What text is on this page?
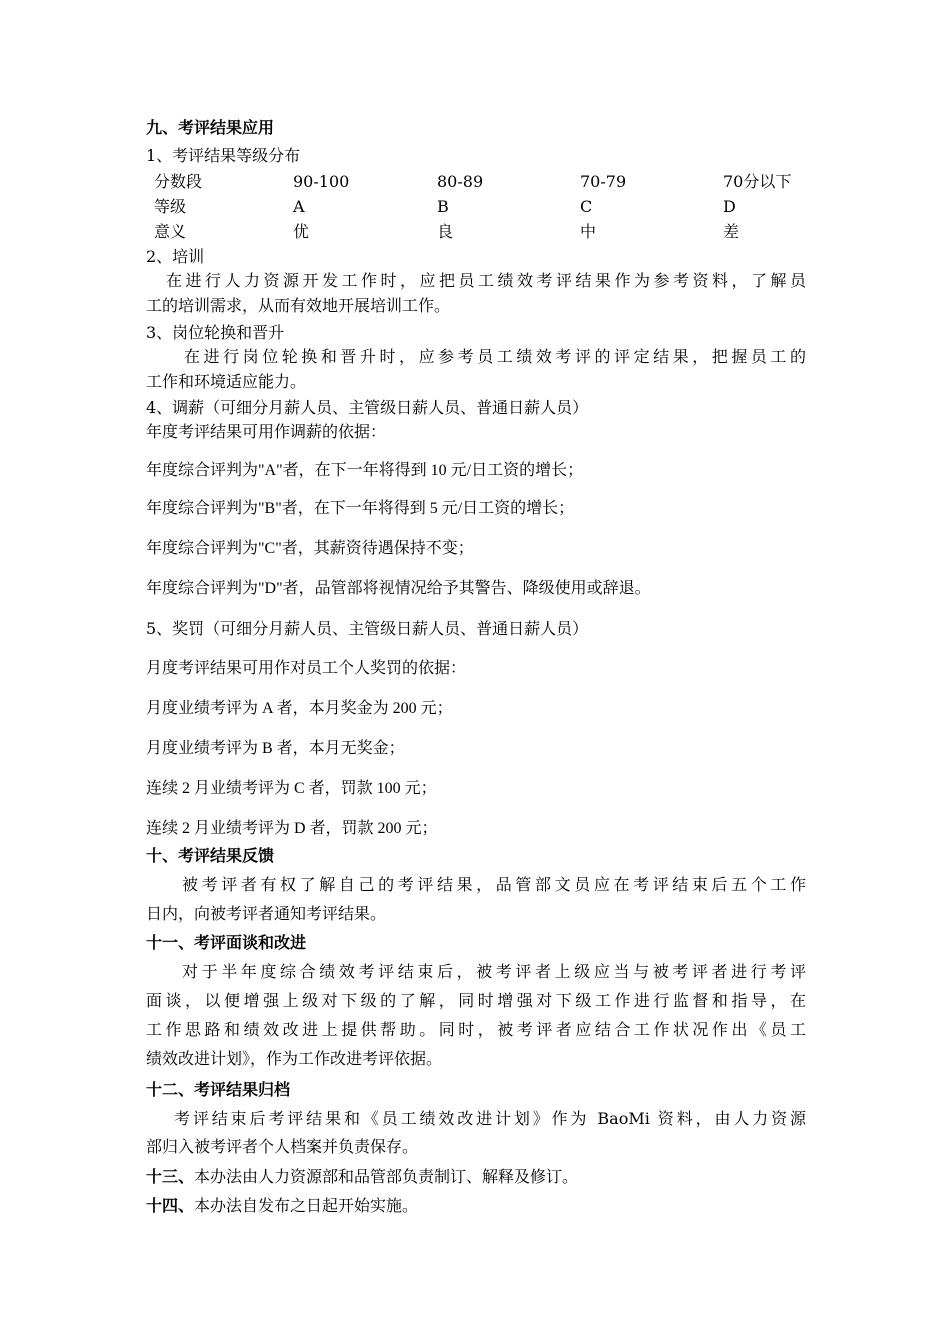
九、考评结果应用
1、考评结果等级分布
分数段	90-100	80-89	70-79	70分以下
等级	A	B	C	D
意义	优	良	中	差
2、培训
在进行人力资源开发工作时，应把员工绩效考评结果作为参考资料，了解员
工的培训需求，从而有效地开展培训工作。
3、岗位轮换和晋升
在进行岗位轮换和晋升时，应参考员工绩效考评的评定结果，把握员工的
工作和环境适应能力。
4、调薪（可细分月薪人员、主管级日薪人员、普通日薪人员）
年度考评结果可用作调薪的依据：
年度综合评判为"A"者，在下一年将得到 10 元/日工资的增长；
年度综合评判为"B"者，在下一年将得到 5 元/日工资的增长；
年度综合评判为"C"者，其薪资待遇保持不变；
年度综合评判为"D"者，品管部将视情况给予其警告、降级使用或辞退。
5、奖罚（可细分月薪人员、主管级日薪人员、普通日薪人员）
月度考评结果可用作对员工个人奖罚的依据：
月度业绩考评为 A 者，本月奖金为 200 元；
月度业绩考评为 B 者，本月无奖金；
连续 2 月业绩考评为 C 者，罚款 100 元；
连续 2 月业绩考评为 D 者，罚款 200 元；
十、考评结果反馈
被考评者有权了解自己的考评结果，品管部文员应在考评结束后五个工作
日内，向被考评者通知考评结果。
十一、考评面谈和改进
对于半年度综合绩效考评结束后，被考评者上级应当与被考评者进行考评
面谈，以便增强上级对下级的了解，同时增强对下级工作进行监督和指导，在
工作思路和绩效改进上提供帮助。同时，被考评者应结合工作状况作出《员工
绩效改进计划》，作为工作改进考评依据。
十二、考评结果归档
考评结束后考评结果和《员工绩效改进计划》作为 BaoMi 资料，由人力资源
部归入被考评者个人档案并负责保存。
十三、本办法由人力资源部和品管部负责制订、解释及修订。
十四、本办法自发布之日起开始实施。
